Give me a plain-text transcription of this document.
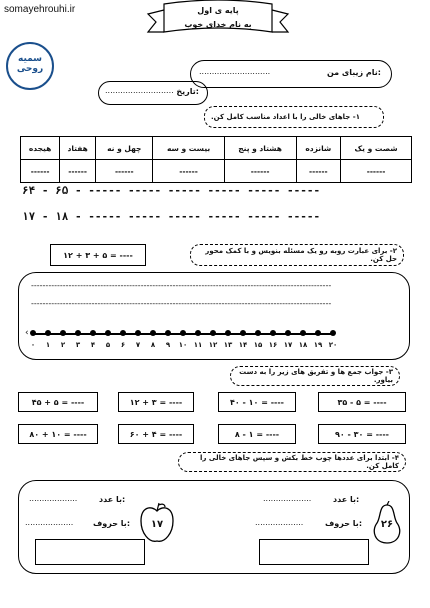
somayehrouhi.ir	پایه ی اول
به نام خدای خوب
سمیه روحی	نام زیبای من:
............................
تاریخ:
...........................
۱- جاهای خالی را با اعداد مناسب کامل کن.
شصت و یک	شانزده	هشتاد و پنج	بیست و سه	چهل و نه	هفتاد	هیجده
------	------	------	------	------	------	------
۶۴ - ۶۵ - ----- ----- ----- ----- ----- -----
۱۷ - ۱۸ - ----- ----- ----- ----- ----- -----
۱۲ + ۳ + ۵ = ----	۲- برای عبارت روبه رو یک مسئله بنویس و با کمک محور حل کن.
--------------------------------------------------------------------------------------------------------
--------------------------------------------------------------------------------------------------------
۰ ۱ ۲ ۳ ۴ ۵ ۶ ۷ ۸ ۹ ۱۰ ۱۱ ۱۲ ۱۳ ۱۴ ۱۵ ۱۶ ۱۷ ۱۸ ۱۹ ۲۰
‹
۳- جواب جمع ها و تفریق های زیر را به دست بیاور.
۴۵ + ۵ = ----	۱۲ + ۳ = ----	۴۰ - ۱۰ = ----	۳۵ - ۵ = ----
۸۰ + ۱۰ = ----	۶۰ + ۴ = ----	۸ - ۱ = ----	۹۰ - ۳۰ = ----
۴- ابتدا برای عددها چوب خط بکش و سپس جاهای خالی را کامل کن.
۲۶
با عدد:
...................
با حروف:
...................
۱۷
با عدد:
...................
با حروف:
...................
